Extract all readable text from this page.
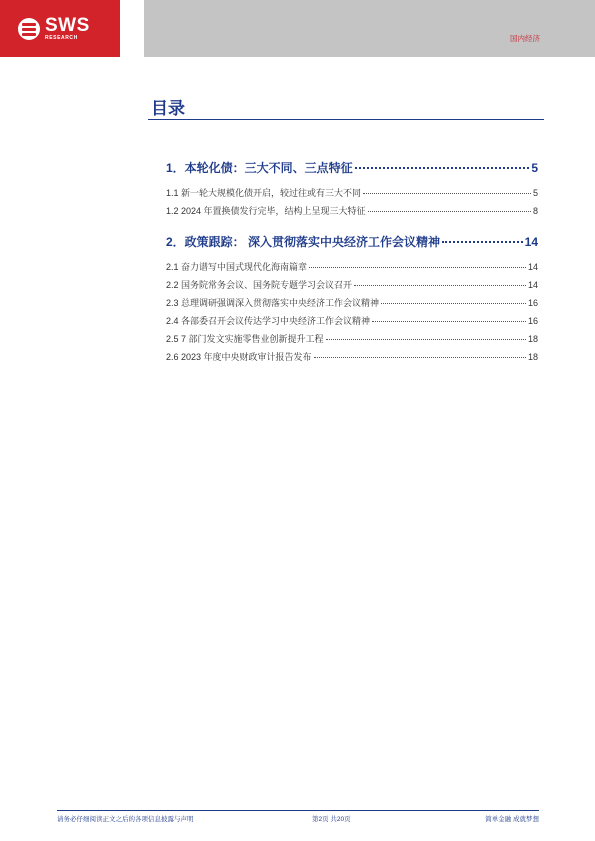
SWS
RESEARCH	国内经济
目录
1．本轮化债：三大不同、三点特征	5
1.1 新一轮大规模化债开启，较过往或有三大不同	5
1.2 2024 年置换债发行完毕，结构上呈现三大特征	8
2．政策跟踪： 深入贯彻落实中央经济工作会议精神	14
2.1 奋力谱写中国式现代化海南篇章	14
2.2 国务院常务会议、国务院专题学习会议召开	14
2.3 总理调研强调深入贯彻落实中央经济工作会议精神	16
2.4 各部委召开会议传达学习中央经济工作会议精神	16
2.5 7 部门发文实施零售业创新提升工程	18
2.6 2023 年度中央财政审计报告发布	18
请务必仔细阅读正文之后的各项信息披露与声明	第2页 共20页	简单金融 成就梦想
